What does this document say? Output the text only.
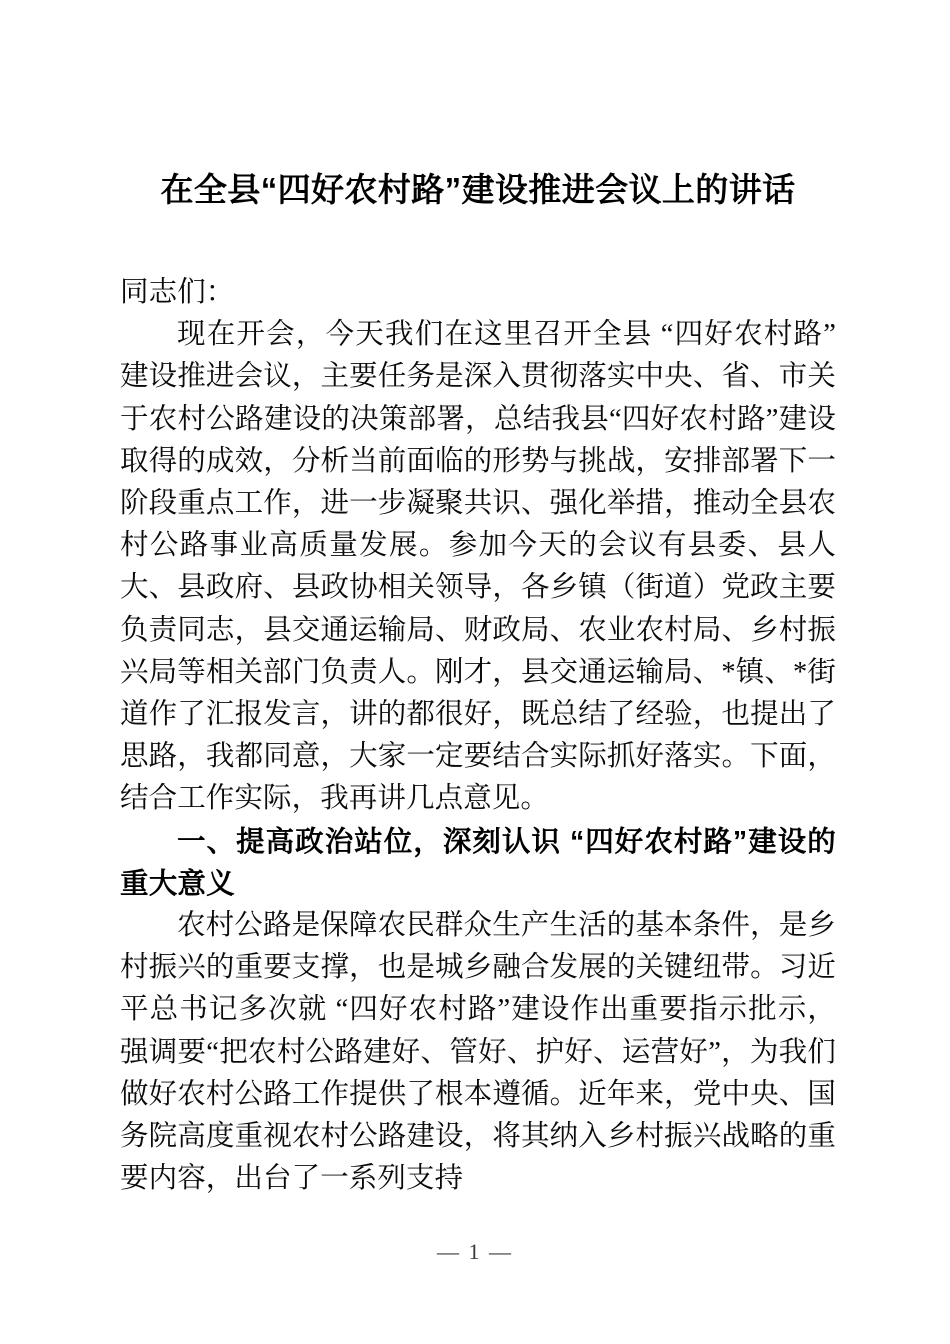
在全县“四好农村路”建设推进会议上的讲话

同志们：

现在开会，今天我们在这里召开全县 “四好农村路”建设推进会议，主要任务是深入贯彻落实中央、省、市关于农村公路建设的决策部署，总结我县“四好农村路”建设取得的成效，分析当前面临的形势与挑战，安排部署下一阶段重点工作，进一步凝聚共识、强化举措，推动全县农村公路事业高质量发展。参加今天的会议有县委、县人大、县政府、县政协相关领导，各乡镇（街道）党政主要负责同志，县交通运输局、财政局、农业农村局、乡村振兴局等相关部门负责人。刚才，县交通运输局、*镇、*街道作了汇报发言，讲的都很好，既总结了经验，也提出了思路，我都同意，大家一定要结合实际抓好落实。下面，结合工作实际，我再讲几点意见。

一、提高政治站位，深刻认识 “四好农村路”建设的重大意义

农村公路是保障农民群众生产生活的基本条件，是乡村振兴的重要支撑，也是城乡融合发展的关键纽带。习近平总书记多次就 “四好农村路”建设作出重要指示批示，强调要“把农村公路建好、管好、护好、运营好”，为我们做好农村公路工作提供了根本遵循。近年来，党中央、国务院高度重视农村公路建设，将其纳入乡村振兴战略的重要内容，出台了一系列支持

— 1 —
